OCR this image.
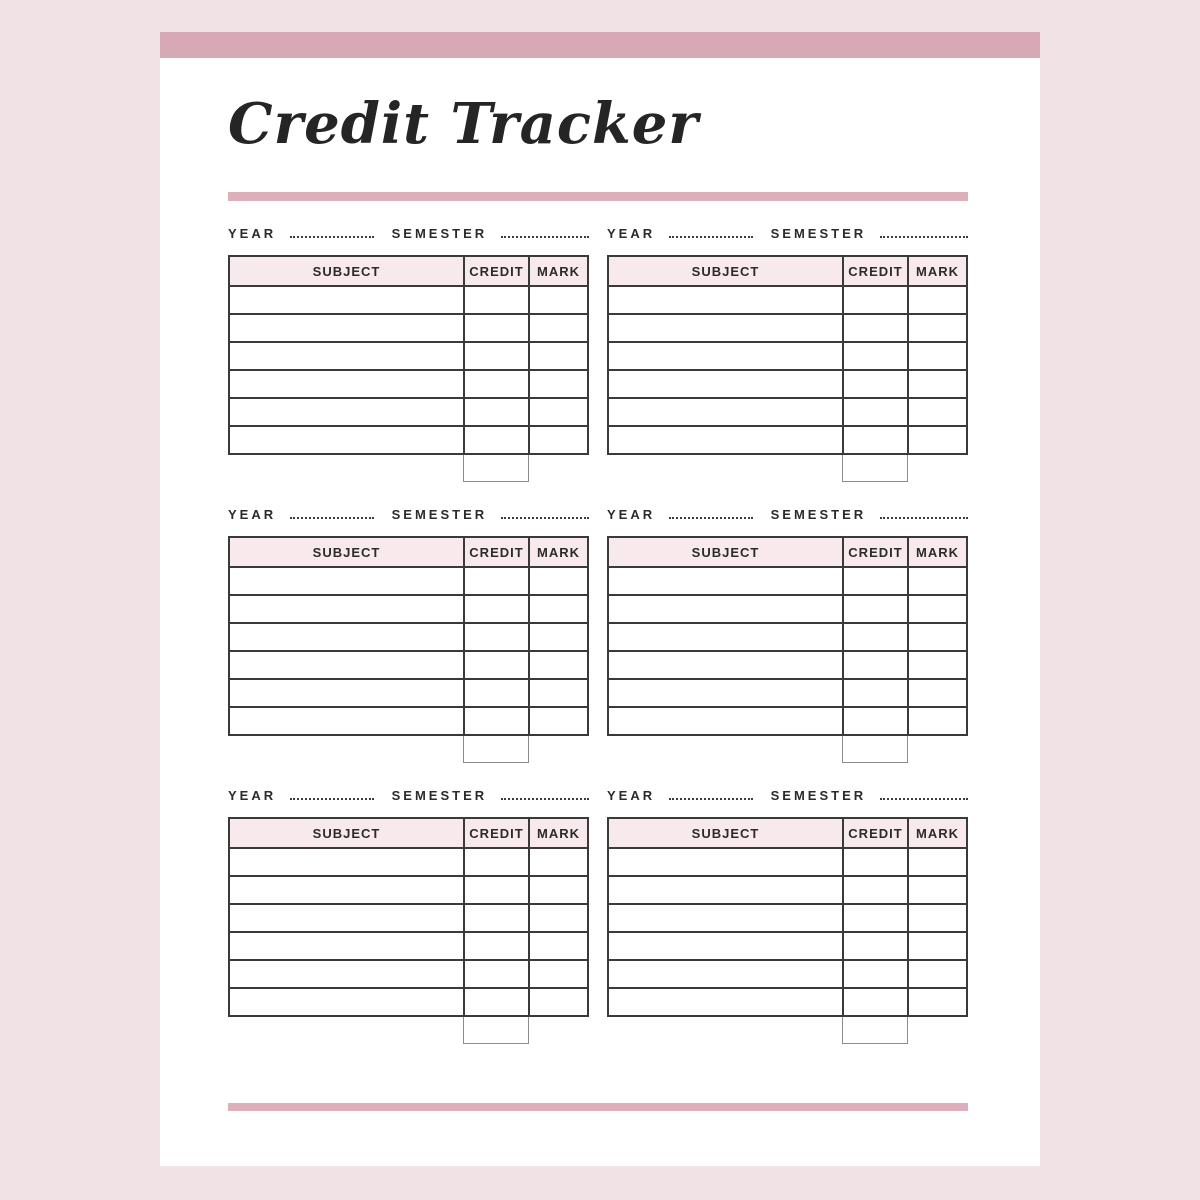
Credit Tracker
YEAR	SEMESTER
SUBJECT	CREDIT	MARK

YEAR	SEMESTER
SUBJECT	CREDIT	MARK

YEAR	SEMESTER
SUBJECT	CREDIT	MARK

YEAR	SEMESTER
SUBJECT	CREDIT	MARK

YEAR	SEMESTER
SUBJECT	CREDIT	MARK

YEAR	SEMESTER
SUBJECT	CREDIT	MARK
